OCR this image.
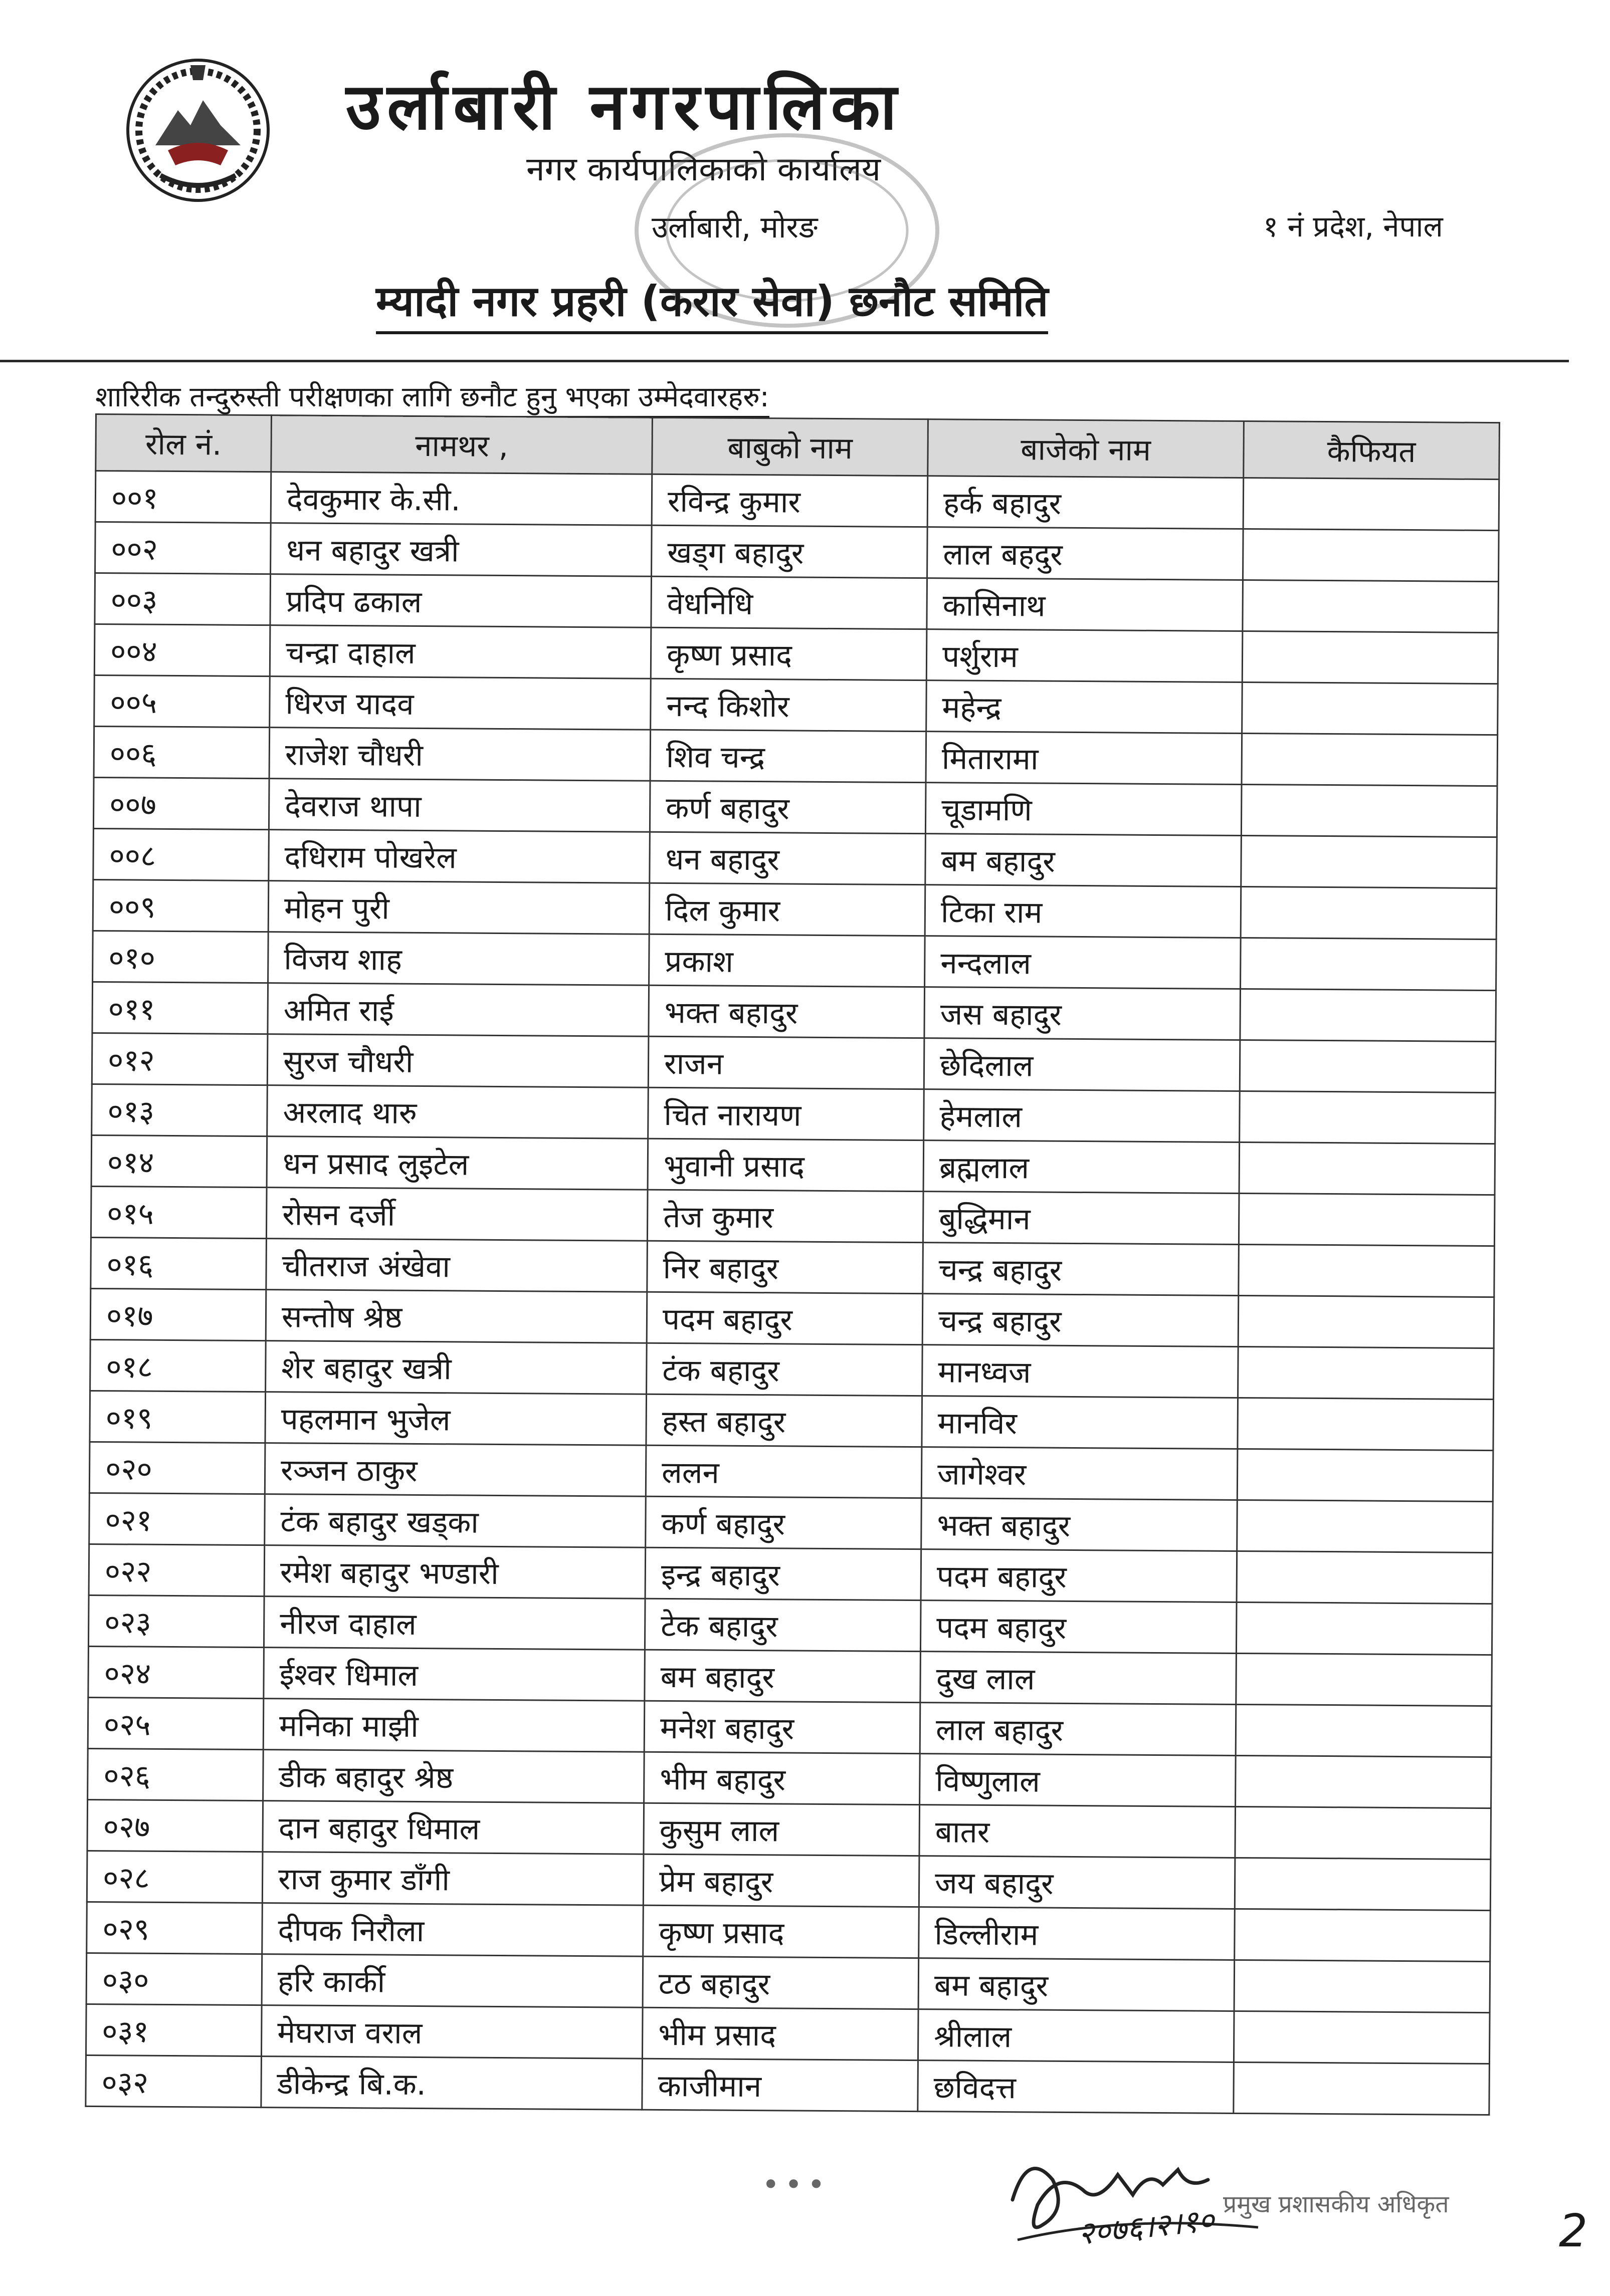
उर्लाबारी नगरपालिका
नगर कार्यपालिकाको कार्यालय
उर्लाबारी, मोरङ	१ नं प्रदेश, नेपाल
म्यादी नगर प्रहरी (करार सेवा) छनौट समिति
शारिरीक तन्दुरुस्ती परीक्षणका लागि छनौट हुनु भएका उम्मेदवारहरु:
रोल नं.	नामथर ,	बाबुको नाम	बाजेको नाम	कैफियत
००१	देवकुमार के.सी.	रविन्द्र कुमार	हर्क बहादुर	
००२	धन बहादुर खत्री	खड्ग बहादुर	लाल बहदुर	
००३	प्रदिप ढकाल	वेधनिधि	कासिनाथ	
००४	चन्द्रा दाहाल	कृष्ण प्रसाद	पर्शुराम	
००५	धिरज यादव	नन्द किशोर	महेन्द्र	
००६	राजेश चौधरी	शिव चन्द्र	मितारामा	
००७	देवराज थापा	कर्ण बहादुर	चूडामणि	
००८	दधिराम पोखरेल	धन बहादुर	बम बहादुर	
००९	मोहन पुरी	दिल कुमार	टिका राम	
०१०	विजय शाह	प्रकाश	नन्दलाल	
०११	अमित राई	भक्त बहादुर	जस बहादुर	
०१२	सुरज चौधरी	राजन	छेदिलाल	
०१३	अरलाद थारु	चित नारायण	हेमलाल	
०१४	धन प्रसाद लुइटेल	भुवानी प्रसाद	ब्रह्मलाल	
०१५	रोसन दर्जी	तेज कुमार	बुद्धिमान	
०१६	चीतराज अंखेवा	निर बहादुर	चन्द्र बहादुर	
०१७	सन्तोष श्रेष्ठ	पदम बहादुर	चन्द्र बहादुर	
०१८	शेर बहादुर खत्री	टंक बहादुर	मानध्वज	
०१९	पहलमान भुजेल	हस्त बहादुर	मानविर	
०२०	रञ्जन ठाकुर	ललन	जागेश्वर	
०२१	टंक बहादुर खड्का	कर्ण बहादुर	भक्त बहादुर	
०२२	रमेश बहादुर भण्डारी	इन्द्र बहादुर	पदम बहादुर	
०२३	नीरज दाहाल	टेक बहादुर	पदम बहादुर	
०२४	ईश्वर धिमाल	बम बहादुर	दुख लाल	
०२५	मनिका माझी	मनेश बहादुर	लाल बहादुर	
०२६	डीक बहादुर श्रेष्ठ	भीम बहादुर	विष्णुलाल	
०२७	दान बहादुर धिमाल	कुसुम लाल	बातर	
०२८	राज कुमार डाँगी	प्रेम बहादुर	जय बहादुर	
०२९	दीपक निरौला	कृष्ण प्रसाद	डिल्लीराम	
०३०	हरि कार्की	टठ बहादुर	बम बहादुर	
०३१	मेघराज वराल	भीम प्रसाद	श्रीलाल	
०३२	डीकेन्द्र बि.क.	काजीमान	छविदत्त	
•••
२०७६।२।१० प्रमुख प्रशासकीय अधिकृत
2
